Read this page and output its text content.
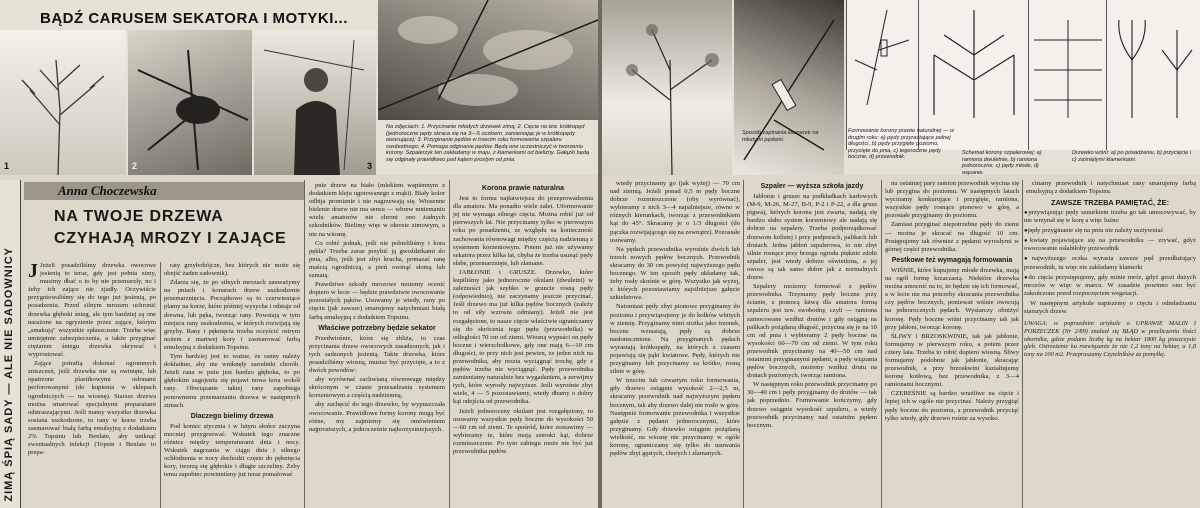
1	2	3
BĄDŹ CARUSEM SEKATORA I MOTYKI...
Na zdjęciach: 1. Przycinanie młodych drzewek zimą; 2. Cięcie na tzw. krótkopęd (jednoroczne pędy skraca się na 3—5 oczkiem, zamieniając je w krótkopędy owocujące); 3. Przyginanie pędów w trzecim roku formowania szpaleru swobodnego; 4. Pomaga odginanie pędów. Będą one uczestniczyć w tworzeniu korony. Szpalerzyk ten zakładamy w maju, z klamerkami od bielizny. Gałązki będą się odginały prawidłowo pod kątem prostym od pnia.
ZIMĄ ŚPIĄ SADY — ALE NIE SADOWNICY
Anna Choczewska
NA TWOJE DRZEWA CZYHAJĄ MROZY I ZAJĄCE

J Jeżeli posadziliśmy drzewka owocowe jesienią to teraz, gdy jest pełnia zimy, musimy dbać o to by nie przemarzły, no i żeby ich zające nie zjadły. Oczywiście przygotowaliśmy się do tego już jesienią, po posadzeniu. Przed silnym mrozem uchronić drzewka głęboki śnieg, ale tym bardziej są one narażone na ogryzienie przez zające, którym „smakują" wszystkie spłaszczone. Trzeba więc umiejętnie zabezpieczenia, a także przyginać ciężarem śniegu drzewka okrywać i wyprostować.

Zające potrafią dokonać ogromnych zniszczeń, jeśli drzewka nie są owinięte, lub opatrzone plastikowymi osłonami perforowanymi (do kupienia w sklepach ogrodniczych — na wiosnę). Starsze drzewa można smarować specjalnymi preparatami odstraszającymi. Jeśli mamy wszystko drzewka sosiana uszkodzone, to rany w korze trzeba zasmarować białą farbą emulsyjną z dodatkiem 2% Topsinu lub Benlate, aby uniknąć ewentualnych infekcji (Topsin i Benlate to prepa-

raty grzybobójcze, bez których nie może się obejść żaden sadownik).

Zdarza się, że po silnych mrozach zauważymy na pniach i konarach drzew uszkodzenie przemarznięcia. Początkowo są to czerwieniące plamy na korze, które później wysycha i odstaje od drewna, lub pęka, tworząc rany. Powstają w tym miejscu rany uszkodzenia, w których rozwijają się grzyby. Rany i pęknięcia trzeba oczyścić ostrym nożem z martwej kory i zasmarować farbą emulsyjną z dodatkiem Topsinu.

Tym bardziej jest to ważne, że ranny należy dokładnie, aby nie wniknęły zarodniki chorób. Jeżeli rana w pniu jest bardzo głęboka, to po głębokim zagojeniu się pojawi nowa kora wokół rany. Obwiązanie takiej rany zapobiega ponownemu przemarzaniu drzewa w następnych zimach.

Dlaczego bielimy drzewa

Pod koniec stycznia i w lutym słońce zaczyna mocniej przygrzewać. Wskutek tego znaczne różnice między temperaturami dnia i nocy. Wskutek nagrzania w ciągu dnia i silnego ochłodzenia w nocy dochodzi często do pęknięcia kory, tworzą się głębokie i długie szczeliny. Żeby temu zapobiec powinniśmy już teraz pomalować

pnie drzew na biało (mlekiem wapiennym z dodatkiem kleju ugotowanego z mąki). Biały kolor odbija promienie i nie nagrzewają się. Wiosenne bielenie drzew nie ma sensu — wbrew mniemaniu wielu amatorów nie chroni ono żadnych szkodników. Bielimy więc w okresie zimowym, a nie na wiosnę.

Co robić jednak, jeśli nie pobieliliśmy i kora pękła? Trzeba zaraz przybić ją gwoździkami do pnia, albo, jeśli jest zbyt krucha, pomazać ranę maścią ogrodniczą, a pień owinąć słomą lub szmatą.

Prawdziwe szkody mrozowe możemy ocenić dopiero w lecie — będzie prawdziwie owocowanie pozostałych pąków. Usuwamy je wtedy, rany po cięciu (jak zawsze) smarujemy natychmiast białą farbą emulsyjną z dodatkiem Topsinu.

Właściwe potrzebny będzie sekator

Przedwiośnie, które się zbliża, to czas przycinania drzew owocowych zasadzonych, jak i tych sadzonych jesienią. Takie drzewka, które posadziliśmy wiosną, musisz być przycięte, a to z dwóch powodów:

aby wyrównać zachwianą równowagę między skróconym w czasie przesadzania systemem korzeniowym a częścią nadziemną,

aby zachęcić do tego drzewko, by wypuszczała owocowanie. Prawidłowe formy korony mogą być różne, my zajmiemy się omówieniem najprostszych, a jednocześnie najkorzystniejszych.

Korona prawie naturalna

Jest to forma najłatwiejsza do przeprowadzenia dla amatora. Ma ponadto wiele zalet. Uformowanie jej nie wymaga silnego cięcia. Można robić już od pierwszych lat. Nie przycinamy tylko w pierwszym roku po posadzeniu, ze względu na konieczność zachowania równowagi między częścią nadziemną z systemem korzeniowym. Potem już nie używamy sekatora przez kilka lat, chyba że trzeba usunąć pędy słabe, przemarznięte, lub złamane.

JABŁONIE i GRUSZE. Drzewko, które kupiliśmy jako jednoroczne okulant (dwuletni) w zależności jak szybko w gruncie rosną pędy (odpowiednio), nie zaczynamy jeszcze przycinać. Jeśli drzewo ma już kilka pędów bocznych (zależy to od siły wzrostu odmiany). Jeżeli nie jest rozgałęzione, to nasze cięcie właściwie ograniczamy się do skrócenia tego pędu (przewodnika) w odległości 70 cm od ziemi. Wiosną wypuści on pędy boczne i wierzchołkowe, gdy one mają 6—10 cm długości, to przy nich jest pewien, że jeden nich na przewodnika, aby reszta wyciągnąć trochę, gdy z pędów trzeba nie wyciągnąć. Pędy przewodnika zamieniamy naturalnie bez wygadaniem, a zerwijmy tych, które wyrosły najwyższe. Jeśli wyrośnie zbyt wiele, 4 — 5 pozostawiamy, wtedy dbamy o dobry kąt odejścia od przewodnika.

Jeżeli jednoroczny okulant jest rozgałęziony, to usuwamy wszystkie pędy boczne do wysokości 50—60 cm od ziemi. Te spośród, które zostawimy — wybieramy te, które mają szeroki kąt, dobrze rozmieszczone. Po tym zabiegu może nie być już przewodnika pędów.

Sposób zapinania klamerek na młodymi pędami.
Formowanie korony prawie naturalnej — w drugim roku: a) pędy przyrastające pełnej długości, b) pędy przygięte poziomo, przycięte do pnia, c) tegoroczne pędy boczne, d) przewodnik.
Schemat korony szpalerowej: a) ramiona dwuletnie, b) ramiona jednoroczne, c) pędy młode, d) wąsanie.
Drzewko wiśni: a) po posadzeniu, b) przycięcie i c) zaśniętymi klamerkami.

wtedy przycinamy go (jak wyżej) — 70 cm nad ziemią. Jeżeli ponad 0,5 m pędy boczne dobrze rozmieszczone (oby wyrównać), wybieramy z nich 3—4 najsilniejsze, równo w różnych kierunkach, tworząc z przewodnikiem kąt do 45°. Skracamy je o 1/3 długości (do pączka rozwijającego się na zewnątrz). Pozostałe usuwamy.

Na pędach przewodnika wyrośnie dwóch lub trzech nowych pędów bocznych. Przewodnik skracamy do 30 cm powyżej najwyższego pędu bocznego. W ten sposób pędy układamy tak, żeby rosły skośnie w górę. Wszystko jak wyżej, z których pozostawiamy najsilniejsze gałęzie szkieletowe.

Natomiast pędy zbyt pionowe przyginamy do poziomu i przywiązujemy je do kołków wbitych w ziemię. Przyginamy nimi stożka jako trzonek, boczne wzrastają, pędy są dobrze nasłonecznione. Na przyginanych pędach wyrastają krótkopędy, na których z czasem pojawiają się pąki kwiatowe. Pędy, których nie przyginamy lub przycinamy za krótko, rosną silnie w górę.

W trzecim lub czwartym roku formowania, gdy drzewo osiągnie wysokość 2—2,5 m, skracamy przewodnik nad najwyższym pędem bocznym, tak aby drzewo dalej nie rosło w górę. Następnie formowanie przewodnika i wszystkie gałęzie z pędami jednorocznymi, które przyginamy. Gdy drzewko osiągnie pożądaną wielkość, na wiosnę nie przycinamy w ogóle korony, ograniczamy się tylko do usuwania pędów zbyt gęstych, chorych i złamanych.

Szpaler — wyższa szkoła jazdy

Jabłonie i grusze na podkładkach karłowych (M-9, M-26, M-27, B-9, P-2 i P-22, a dla grusz pigwa), których korona jest zwarta, nadają się bardzo słabo system korzeniowy ale nadają się dobrze na szpalery. Trzeba podporządkować drzewom kolistej i przy podporach, palikach lub drutach. Jedna jabłoń szpalerowa, to nie zbyt silnie rosnące przy brzegu ogrodu pięknie zdobi szpaler, jest wtedy dobrze oświetlona, a jej owoce są tak samo dobre jak z normalnych drzew.

Szpalery możemy formować z pędów przewodnika. Trzymamy pędy boczne przy ścianie, z pomocą łatwą dla amatora formą szpaleru jest tzw. swobodny, czyli — ramiona zamocowane wzdłuż drutów i gdy osiągną na palikach pożądaną długość, przycina się je na 10 cm od pnia i wybieramy 2 pędy boczne na wysokości 60—70 cm od ziemi. W tym roku przewodnik przycinamy na 40—50 cm nad ostatnimi przyginanymi pędami, a pędy wiązania pędów bocznych, możemy wzdłuż drutu na drutach poziomych, tworząc ramiona.

W następnym roku przewodnik przycinamy po 30—40 cm i pędy przyginamy do drutów — tak jak poprzednio. Formowanie kończymy, gdy drzewo osiągnie wysokość szpaleru, a wtedy przewodnik przycinamy nad ostatnim pędem bocznym.

nu ostatniej pary ramion przewodnik wycina się lub przygina do poziomu. W następnych latach wycinamy konkurujące i przygięte, ramiona, wszystkie pędy rosnące pionowo w górę, a pozostałe przyginamy do poziomu.

Zamiast przyginać niepotrzebne pędy do ziemi — można je skracać na długość 10 cm. Postępujemy tak również z pędami wyrosłymi w górnej części przewodnika.

Pestkowe też wymagają formowania

WIŚNIE, które kupujemy młode drzewka, mają na ogół formę krzaczastą. Niektóre drzewka można umocnić na to, że będzie się ich formować, a w lecie nie ma potrzeby skracania przewodnika czy pędów bocznych, ponieważ wiśnie owocują na jednorocznych pędach. Wystarczy obniżyć koronę. Pędy boczne wiśni przycinamy tak jak przy jabłoni, tworząc koronę.

ŚLIWY i BRZOSKWINIE, tak jak jabłonie, formujemy w pierwszym roku, a potem przez cztery lata. Trzeba to robić dopiero wiosną. Śliwy formujemy podobnie jak jabłonie, skracając przewodnik, a przy brzoskwini kształtujemy koronę kotłową, bez przewodnika, z 3—4 ramionami bocznymi.

CZEREŚNIE są bardzo wrażliwe na cięcie i lepiej ich w ogóle nie przycinać. Należy przygiąć pędy boczne do poziomu, a przewodnik przyciąć tylko wtedy, gdy drzewo rośnie za wysoko.

cinamy przewodnik i natychmiast rany smarujemy farbą emulsyjną z dodatkiem Topsinu.

ZAWSZE TRZEBA PAMIĘTAĆ, ŻE:
● przywiązując pędy sznurkiem trzeba go tak umocowywać, by nie wrzynał się w korę a więc luźno
● pędy przyginanie się na pniu nie należy usztywniać
● kwiaty pojawiające się na przewodniku — zrywać, gdyż owocowanie osłabiłoby przewodnik
● najwyższego oczka wyrasta zawsze pęd przedłużający przewodnik, tu więc nie zakładamy klamerki
● do cięcia przystępujemy, gdy minie mróz, gdyż grozi dużych mrozów w więc w marcu. W zasadzie powinno ono być zakończone przed rozpoczęciem wegetacji.

W następnym artykule napiszemy o cięciu i odmładzaniu starszych drzew.

UWAGA: w poprzednim artykule o UPRAWIE MALIN I PORZECZEK (Nr 2/89) znalazł się BŁĄD w przeliczeniu ilości obornika, gdzie podano liczbę kg na hektar 1800 kg piaszczyste gleb. Ostrzeżenie ku rozwiązanie że nie 1,2 tony na hektar, a 1,8 tony na 100 m2. Przepraszamy Czytelników za pomyłkę.
